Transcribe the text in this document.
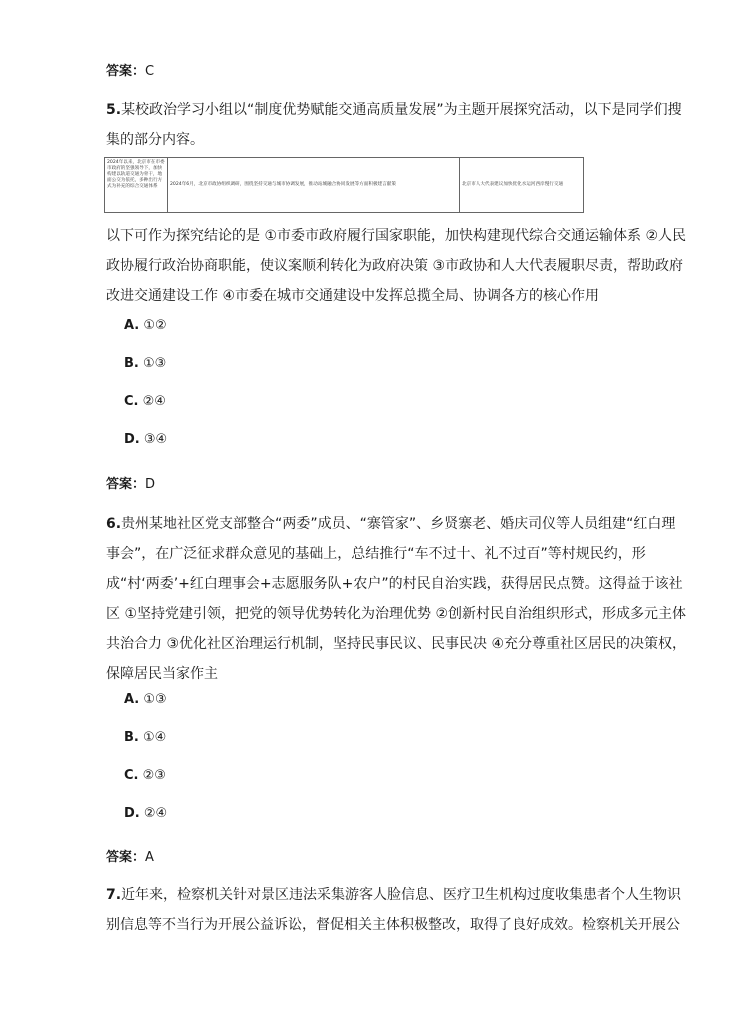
答案：C
5.某校政治学习小组以“制度优势赋能交通高质量发展”为主题开展探究活动，以下是同学们搜集的部分内容。
2024年以来，北京市在市委市政府的坚强领导下，加快构建以轨道交通为骨干，地面公交为依托，多种出行方式为补充的综合交通体系	2024年6月，北京市政协组织调研，围绕坚持交通与城市协调发展，推动站城融合协同发展等方面积极建言献策	北京市人大代表建议加快优化水运河西岸慢行交通
以下可作为探究结论的是 ①市委市政府履行国家职能，加快构建现代综合交通运输体系 ②人民政协履行政治协商职能，使议案顺利转化为政府决策 ③市政协和人大代表履职尽责，帮助政府改进交通建设工作 ④市委在城市交通建设中发挥总揽全局、协调各方的核心作用
A. ①②
B. ①③
C. ②④
D. ③④
答案：D
6.贵州某地社区党支部整合“两委”成员、“寨管家”、乡贤寨老、婚庆司仪等人员组建“红白理事会”，在广泛征求群众意见的基础上，总结推行“车不过十、礼不过百”等村规民约，形成“村‘两委’+红白理事会+志愿服务队+农户”的村民自治实践，获得居民点赞。这得益于该社区 ①坚持党建引领，把党的领导优势转化为治理优势 ②创新村民自治组织形式，形成多元主体共治合力 ③优化社区治理运行机制，坚持民事民议、民事民决 ④充分尊重社区居民的决策权，保障居民当家作主
A. ①③
B. ①④
C. ②③
D. ②④
答案：A
7.近年来，检察机关针对景区违法采集游客人脸信息、医疗卫生机构过度收集患者个人生物识别信息等不当行为开展公益诉讼，督促相关主体积极整改，取得了良好成效。检察机关开展公
